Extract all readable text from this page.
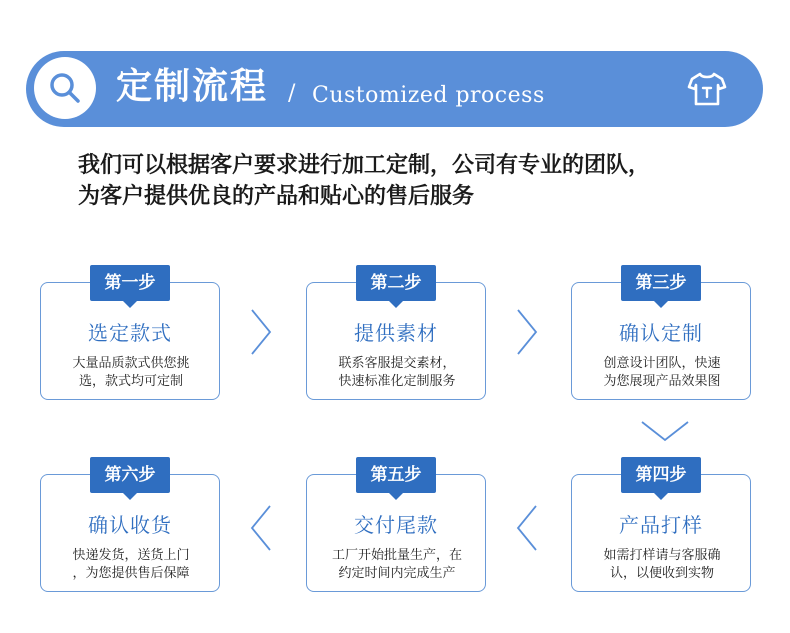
定制流程 / Customized process
我们可以根据客户要求进行加工定制，公司有专业的团队，
为客户提供优良的产品和贴心的售后服务
第一步
选定款式
大量品质款式供您挑
选，款式均可定制
第二步
提供素材
联系客服提交素材，
快速标准化定制服务
第三步
确认定制
创意设计团队，快速
为您展现产品效果图
第六步
确认收货
快递发货，送货上门
，为您提供售后保障
第五步
交付尾款
工厂开始批量生产，在
约定时间内完成生产
第四步
产品打样
如需打样请与客服确
认，以便收到实物
